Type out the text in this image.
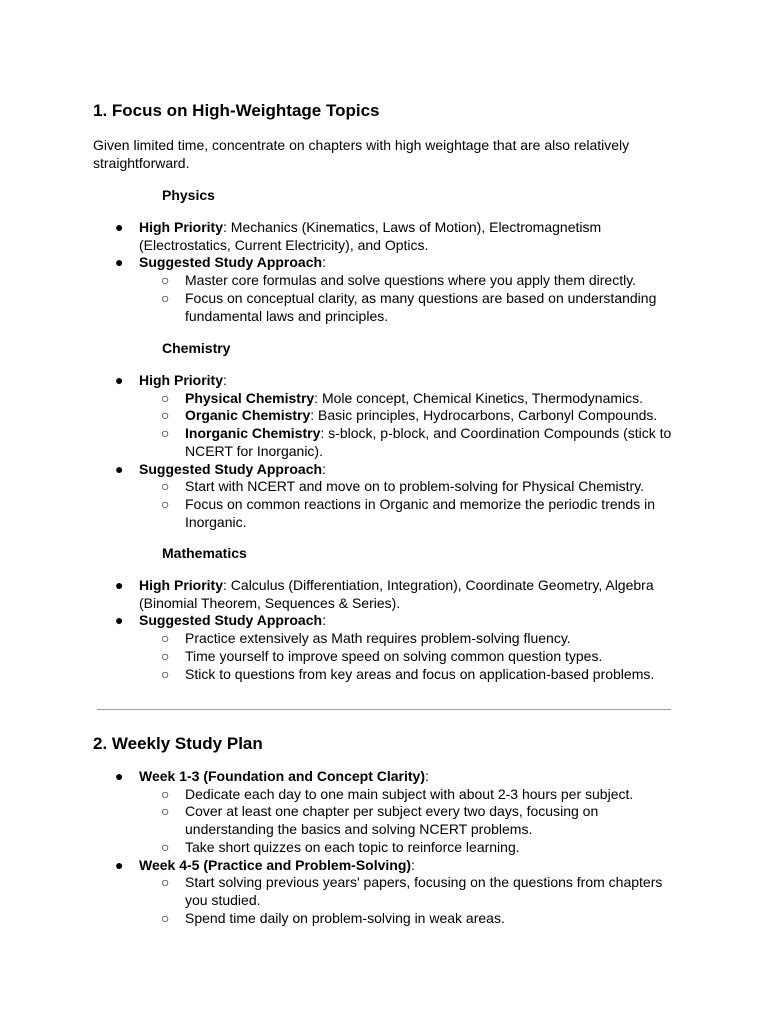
1. Focus on High-Weightage Topics

Given limited time, concentrate on chapters with high weightage that are also relatively straightforward.

Physics
● High Priority: Mechanics (Kinematics, Laws of Motion), Electromagnetism (Electrostatics, Current Electricity), and Optics.
● Suggested Study Approach:
○ Master core formulas and solve questions where you apply them directly.
○ Focus on conceptual clarity, as many questions are based on understanding fundamental laws and principles.
Chemistry
● High Priority:
○ Physical Chemistry: Mole concept, Chemical Kinetics, Thermodynamics.
○ Organic Chemistry: Basic principles, Hydrocarbons, Carbonyl Compounds.
○ Inorganic Chemistry: s-block, p-block, and Coordination Compounds (stick to NCERT for Inorganic).
● Suggested Study Approach:
○ Start with NCERT and move on to problem-solving for Physical Chemistry.
○ Focus on common reactions in Organic and memorize the periodic trends in Inorganic.
Mathematics
● High Priority: Calculus (Differentiation, Integration), Coordinate Geometry, Algebra (Binomial Theorem, Sequences & Series).
● Suggested Study Approach:
○ Practice extensively as Math requires problem-solving fluency.
○ Time yourself to improve speed on solving common question types.
○ Stick to questions from key areas and focus on application-based problems.
2. Weekly Study Plan
● Week 1-3 (Foundation and Concept Clarity):
○ Dedicate each day to one main subject with about 2-3 hours per subject.
○ Cover at least one chapter per subject every two days, focusing on understanding the basics and solving NCERT problems.
○ Take short quizzes on each topic to reinforce learning.
● Week 4-5 (Practice and Problem-Solving):
○ Start solving previous years' papers, focusing on the questions from chapters you studied.
○ Spend time daily on problem-solving in weak areas.
